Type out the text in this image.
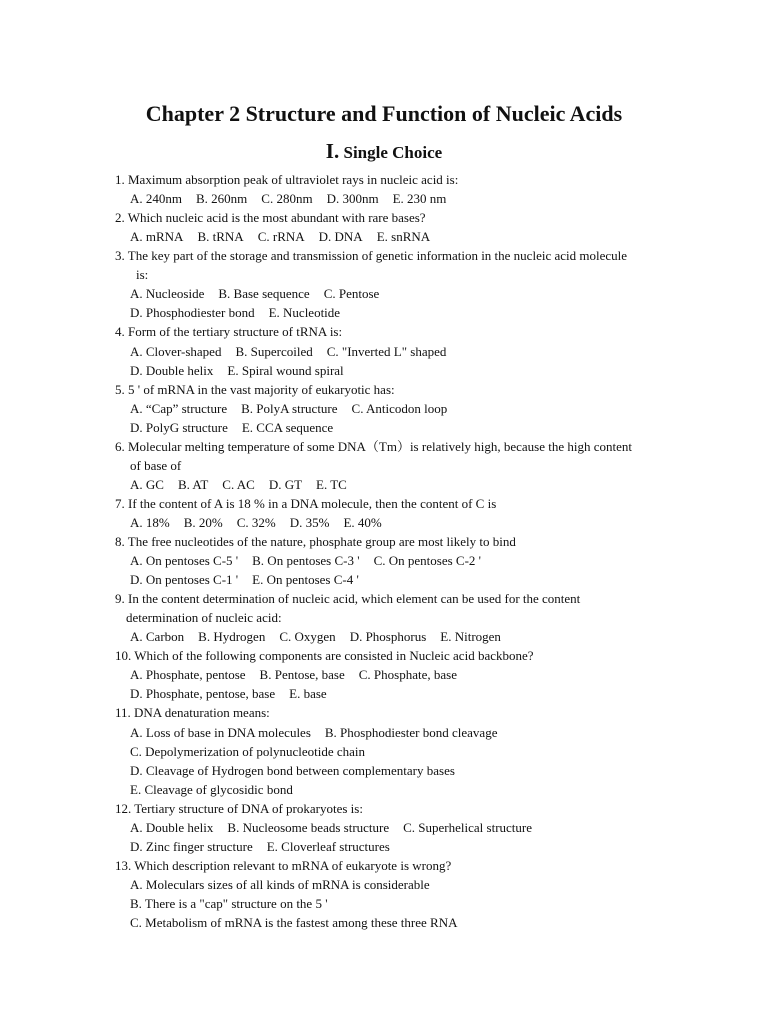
Chapter 2 Structure and Function of Nucleic Acids
I. Single Choice
1. Maximum absorption peak of ultraviolet rays in nucleic acid is:
A. 240nm B. 260nm C. 280nm D. 300nm E. 230 nm
2. Which nucleic acid is the most abundant with rare bases?
A. mRNA B. tRNA C. rRNA D. DNA E. snRNA
3. The key part of the storage and transmission of genetic information in the nucleic acid molecule
is:
A. Nucleoside B. Base sequence C. Pentose
D. Phosphodiester bond E. Nucleotide
4. Form of the tertiary structure of tRNA is:
A. Clover-shaped B. Supercoiled C. "Inverted L" shaped
D. Double helix E. Spiral wound spiral
5. 5 ' of mRNA in the vast majority of eukaryotic has:
A. “Cap” structure B. PolyA structure C. Anticodon loop
D. PolyG structure E. CCA sequence
6. Molecular melting temperature of some DNA（Tm）is relatively high, because the high content
of base of
A. GC B. AT C. AC D. GT E. TC
7. If the content of A is 18 % in a DNA molecule, then the content of C is
A. 18% B. 20% C. 32% D. 35% E. 40%
8. The free nucleotides of the nature, phosphate group are most likely to bind
A. On pentoses C-5 ' B. On pentoses C-3 ' C. On pentoses C-2 '
D. On pentoses C-1 ' E. On pentoses C-4 '
9. In the content determination of nucleic acid, which element can be used for the content
determination of nucleic acid:
A. Carbon B. Hydrogen C. Oxygen D. Phosphorus E. Nitrogen
10. Which of the following components are consisted in Nucleic acid backbone?
A. Phosphate, pentose B. Pentose, base C. Phosphate, base
D. Phosphate, pentose, base E. base
11. DNA denaturation means:
A. Loss of base in DNA molecules B. Phosphodiester bond cleavage
C. Depolymerization of polynucleotide chain
D. Cleavage of Hydrogen bond between complementary bases
E. Cleavage of glycosidic bond
12. Tertiary structure of DNA of prokaryotes is:
A. Double helix B. Nucleosome beads structure C. Superhelical structure
D. Zinc finger structure E. Cloverleaf structures
13. Which description relevant to mRNA of eukaryote is wrong?
A. Moleculars sizes of all kinds of mRNA is considerable
B. There is a "cap" structure on the 5 '
C. Metabolism of mRNA is the fastest among these three RNA
